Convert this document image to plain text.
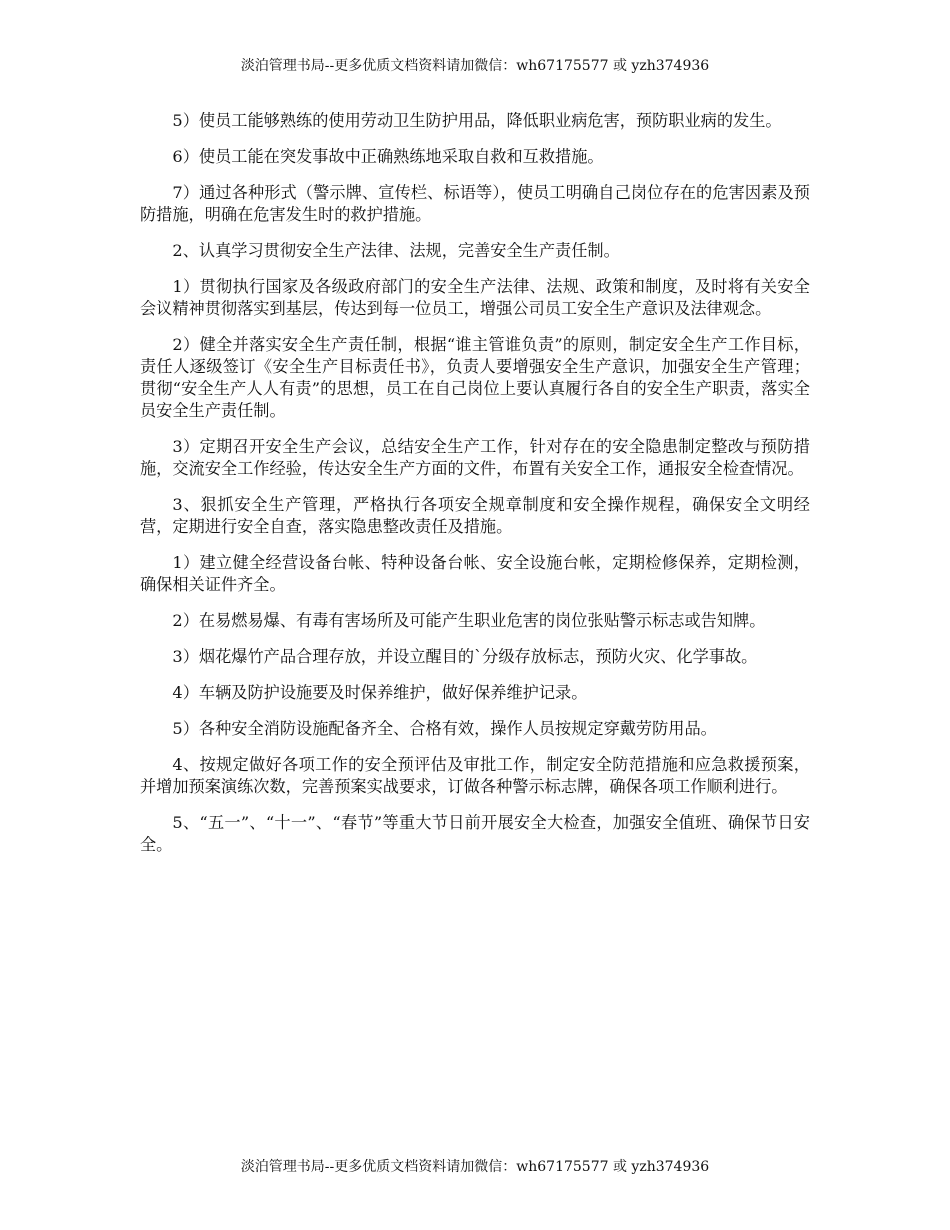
淡泊管理书局--更多优质文档资料请加微信：wh67175577 或 yzh374936

5）使员工能够熟练的使用劳动卫生防护用品，降低职业病危害，预防职业病的发生。

6）使员工能在突发事故中正确熟练地采取自救和互救措施。

7）通过各种形式（警示牌、宣传栏、标语等），使员工明确自己岗位存在的危害因素及预防措施，明确在危害发生时的救护措施。

2、认真学习贯彻安全生产法律、法规，完善安全生产责任制。

1）贯彻执行国家及各级政府部门的安全生产法律、法规、政策和制度，及时将有关安全会议精神贯彻落实到基层，传达到每一位员工，增强公司员工安全生产意识及法律观念。

2）健全并落实安全生产责任制，根据“谁主管谁负责”的原则，制定安全生产工作目标，责任人逐级签订《安全生产目标责任书》，负责人要增强安全生产意识，加强安全生产管理；贯彻“安全生产人人有责”的思想，员工在自己岗位上要认真履行各自的安全生产职责，落实全员安全生产责任制。

3）定期召开安全生产会议，总结安全生产工作，针对存在的安全隐患制定整改与预防措施，交流安全工作经验，传达安全生产方面的文件，布置有关安全工作，通报安全检查情况。

3、狠抓安全生产管理，严格执行各项安全规章制度和安全操作规程，确保安全文明经营，定期进行安全自查，落实隐患整改责任及措施。

1）建立健全经营设备台帐、特种设备台帐、安全设施台帐，定期检修保养，定期检测，确保相关证件齐全。

2）在易燃易爆、有毒有害场所及可能产生职业危害的岗位张贴警示标志或告知牌。

3）烟花爆竹产品合理存放，并设立醒目的`分级存放标志，预防火灾、化学事故。

4）车辆及防护设施要及时保养维护，做好保养维护记录。

5）各种安全消防设施配备齐全、合格有效，操作人员按规定穿戴劳防用品。

4、按规定做好各项工作的安全预评估及审批工作，制定安全防范措施和应急救援预案，并增加预案演练次数，完善预案实战要求，订做各种警示标志牌，确保各项工作顺利进行。

5、“五一”、“十一”、“春节”等重大节日前开展安全大检查，加强安全值班、确保节日安全。

淡泊管理书局--更多优质文档资料请加微信：wh67175577 或 yzh374936
